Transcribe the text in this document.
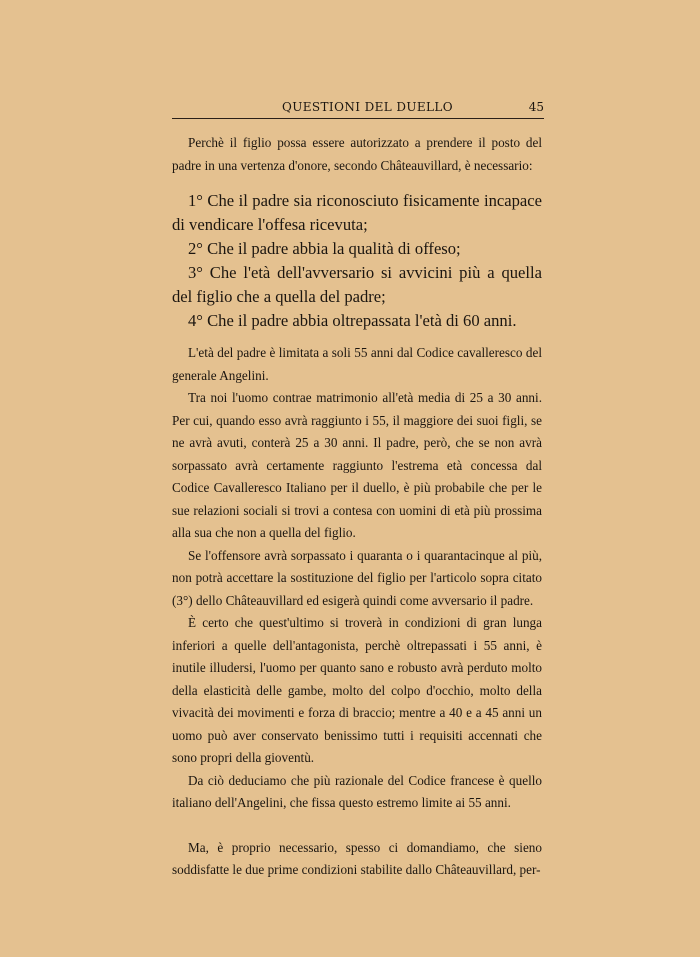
QUESTIONI DEL DUELLO	45

Perchè il figlio possa essere autorizzato a prendere il posto del padre in una vertenza d'onore, secondo Châteauvillard, è necessario:

1° Che il padre sia riconosciuto fisicamente incapace di vendicare l'offesa ricevuta;

2° Che il padre abbia la qualità di offeso;

3° Che l'età dell'avversario si avvicini più a quella del figlio che a quella del padre;

4° Che il padre abbia oltrepassata l'età di 60 anni.

L'età del padre è limitata a soli 55 anni dal Codice cavalleresco del generale Angelini.

Tra noi l'uomo contrae matrimonio all'età media di 25 a 30 anni. Per cui, quando esso avrà raggiunto i 55, il maggiore dei suoi figli, se ne avrà avuti, conterà 25 a 30 anni. Il padre, però, che se non avrà sorpassato avrà certamente raggiunto l'estrema età concessa dal Codice Cavalleresco Italiano per il duello, è più probabile che per le sue relazioni sociali si trovi a contesa con uomini di età più prossima alla sua che non a quella del figlio.

Se l'offensore avrà sorpassato i quaranta o i quarantacinque al più, non potrà accettare la sostituzione del figlio per l'articolo sopra citato (3°) dello Châteauvillard ed esigerà quindi come avversario il padre.

È certo che quest'ultimo si troverà in condizioni di gran lunga inferiori a quelle dell'antagonista, perchè oltrepassati i 55 anni, è inutile illudersi, l'uomo per quanto sano e robusto avrà perduto molto della elasticità delle gambe, molto del colpo d'occhio, molto della vivacità dei movimenti e forza di braccio; mentre a 40 e a 45 anni un uomo può aver conservato benissimo tutti i requisiti accennati che sono propri della gioventù.

Da ciò deduciamo che più razionale del Codice francese è quello italiano dell'Angelini, che fissa questo estremo limite ai 55 anni.

Ma, è proprio necessario, spesso ci domandiamo, che sieno soddisfatte le due prime condizioni stabilite dallo Châteauvillard, per-
